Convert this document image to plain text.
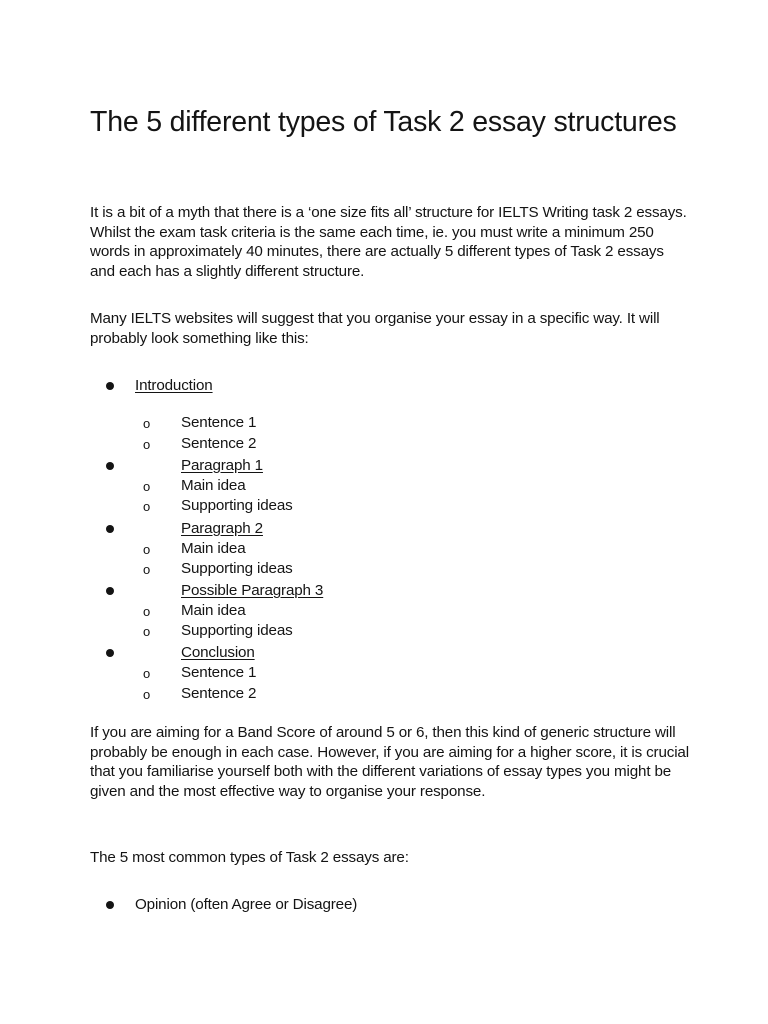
The 5 different types of Task 2 essay structures

It is a bit of a myth that there is a ‘one size fits all’ structure for IELTS Writing task 2 essays. Whilst the exam task criteria is the same each time, ie. you must write a minimum 250 words in approximately 40 minutes, there are actually 5 different types of Task 2 essays and each has a slightly different structure.

Many IELTS websites will suggest that you organise your essay in a specific way. It will probably look something like this:

Introduction
o Sentence 1
o Sentence 2
Paragraph 1
o Main idea
o Supporting ideas
Paragraph 2
o Main idea
o Supporting ideas
Possible Paragraph 3
o Main idea
o Supporting ideas
Conclusion
o Sentence 1
o Sentence 2

If you are aiming for a Band Score of around 5 or 6, then this kind of generic structure will probably be enough in each case. However, if you are aiming for a higher score, it is crucial that you familiarise yourself both with the different variations of essay types you might be given and the most effective way to organise your response.

The 5 most common types of Task 2 essays are:

Opinion (often Agree or Disagree)
